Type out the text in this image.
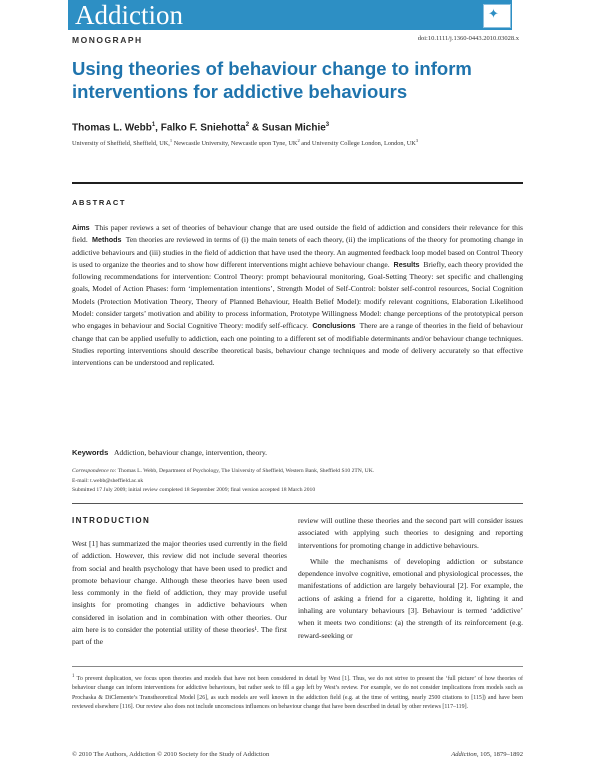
Addiction	✦
MONOGRAPH	doi:10.1111/j.1360-0443.2010.03028.x
Using theories of behaviour change to inform interventions for addictive behaviours
Thomas L. Webb$^1$, Falko F. Sniehotta$^2$ & Susan Michie$^3$
University of Sheffield, Sheffield, UK,$^1$ Newcastle University, Newcastle upon Tyne, $UK^2$ and University College London, London, $UK^3$
ABSTRACT
Aims This paper reviews a set of theories of behaviour change that are used outside the field of addiction and considers their relevance for this field. Methods Ten theories are reviewed in terms of (i) the main tenets of each theory, (ii) the implications of the theory for promoting change in addictive behaviours and (iii) studies in the field of addiction that have used the theory. An augmented feedback loop model based on Control Theory is used to organize the theories and to show how different interventions might achieve behaviour change. Results Briefly, each theory provided the following recommendations for intervention: Control Theory: prompt behavioural monitoring, Goal-Setting Theory: set specific and challenging goals, Model of Action Phases: form ‘implementation intentions’, Strength Model of Self-Control: bolster self-control resources, Social Cognition Models (Protection Motivation Theory, Theory of Planned Behaviour, Health Belief Model): modify relevant cognitions, Elaboration Likelihood Model: consider targets’ motivation and ability to process information, Prototype Willingness Model: change perceptions of the prototypical person who engages in behaviour and Social Cognitive Theory: modify self-efficacy. Conclusions There are a range of theories in the field of behaviour change that can be applied usefully to addiction, each one pointing to a different set of modifiable determinants and/or behaviour change techniques. Studies reporting interventions should describe theoretical basis, behaviour change techniques and mode of delivery accurately so that effective interventions can be understood and replicated.
Keywords Addiction, behaviour change, intervention, theory.
Correspondence to: Thomas L. Webb, Department of Psychology, The University of Sheffield, Western Bank, Sheffield S10 2TN, UK.
E-mail: t.webb@sheffield.ac.uk
Submitted 17 July 2009; initial review completed 18 September 2009; final version accepted 18 March 2010
INTRODUCTION
West [1] has summarized the major theories used currently in the field of addiction. However, this review did not include several theories from social and health psychology that have been used to predict and promote behaviour change. Although these theories have been used less commonly in the field of addiction, they may provide useful insights for promoting changes in addictive behaviours when considered in isolation and in combination with other theories. Our aim here is to consider the potential utility of these theories¹. The first part of the
review will outline these theories and the second part will consider issues associated with applying such theories to designing and reporting interventions for promoting change in addictive behaviours.
While the mechanisms of developing addiction or substance dependence involve cognitive, emotional and physiological processes, the manifestations of addiction are largely behavioural [2]. For example, the actions of asking a friend for a cigarette, holding it, lighting it and inhaling are voluntary behaviours [3]. Behaviour is termed ‘addictive’ when it meets two conditions: (a) the strength of its reinforcement (e.g. reward-seeking or
$^1$ To prevent duplication, we focus upon theories and models that have not been considered in detail by West [1]. Thus, we do not strive to present the ‘full picture’ of how theories of behaviour change can inform interventions for addictive behaviours, but rather seek to fill a gap left by West’s review. For example, we do not consider implications from models such as Prochaska & DiClemente’s Transtheoretical Model [26], as such models are well known in the addiction field (e.g. at the time of writing, nearly 2500 citations to [115]) and have been reviewed elsewhere [116]. Our review also does not include unconscious influences on behaviour change that have been described in detail by other reviews [117–119].
© 2010 The Authors, Addiction © 2010 Society for the Study of Addiction	Addiction, 105, 1879–1892
